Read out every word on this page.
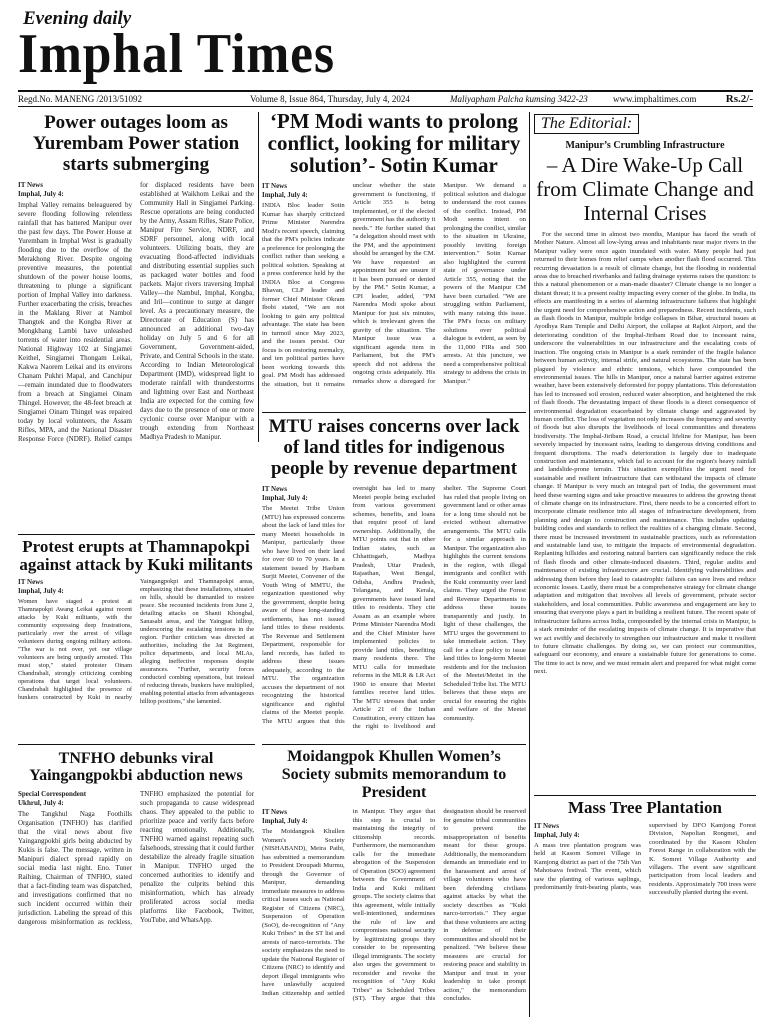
Evening daily
Imphal Times
Regd.No. MANENG /2013/51092	Volume 8, Issue 864, Thursday, July 4, 2024	Maliyapham Palcha kumsing 3422-23	www.imphaltimes.com	Rs.2/-
Power outages loom as Yurembam Power station starts submerging
IT News
Imphal, July 4:
Imphal Valley remains beleaguered by severe flooding following relentless rainfall that has battered Manipur over the past few days. The Power House at Yurembam in Imphal West is gradually flooding due to the overflow of the Merakhong River. Despite ongoing preventive measures, the potential shutdown of the power house looms, threatening to plunge a significant portion of Imphal Valley into darkness. Further exacerbating the crisis, breaches in the Maklang River at Nambol Thangtek and the Kongba River at Mongkhang Lambi have unleashed torrents of water into residential areas. National Highway 102 at Singjamei Keithel, Singjamei Thongam Leikai, Kakwa Naorem Leikai and its environs Chanam Pukhri Mapal, and Canchipur—remain inundated due to floodwaters from a breach at Singjamei Oinam Thingel. However, the 48-feet breach at Singjamei Oinam Thingel was repaired today by local volunteers, the Assam Rifles, MPA, and the National Disaster Response Force (NDRF). Relief camps for displaced residents have been established at Waikhom Leikai and the Community Hall in Singjamei Parking. Rescue operations are being conducted by the Army, Assam Rifles, State Police, Manipur Fire Service, NDRF, and SDRF personnel, along with local volunteers. Utilizing boats, they are evacuating flood-affected individuals and distributing essential supplies such as packaged water bottles and food packets. Major rivers traversing Imphal Valley—the Nambul, Imphal, Kongba, and Iril—continue to surge at danger level. As a precautionary measure, the Directorate of Education (S) has announced an additional two-day holiday on July 5 and 6 for all Government, Government-aided, Private, and Central Schools in the state. According to Indian Meteorological Department (IMD), widespread light to moderate rainfall with thunderstorms and lightning over East and Northeast India are expected for the coming few days due to the presence of one or more cyclonic course over Manipur with a trough extending from Northeast Madhya Pradesh to Manipur.
Protest erupts at Thamnapokpi against attack by Kuki militants
IT News
Imphal, July 4:
Women have staged a protest at Thamnapokpi Awang Leikai against recent attacks by Kuki militants, with the community expressing deep frustrations, particularly over the arrest of village volunteers during ongoing military actions. "The war is not over, yet our village volunteers are being unjustly arrested. This must stop," stated protester Oinam Chandrabali, strongly criticizing combing operations that target local volunteers. Chandrabali highlighted the presence of bunkers constructed by Kuki in nearby Yaingangpokpi and Thamnapokpi areas, emphasizing that these installations, situated on hills, should be dismantled to restore peace. She recounted incidents from June 2, detailing attacks on Shanti Khongbal, Sanasabi areas, and the Yaingpat hilltop, underscoring the escalating tensions in the region. Further criticism was directed at authorities, including the Jat Regiment, police departments, and local MLAs, alleging ineffective responses despite assurances. "Further, security forces conducted combing operations, but instead of reducing threats, bunkers have multiplied, enabling potential attacks from advantageous hilltop positions," she lamented.
TNFHO debunks viral Yaingangpokbi abduction news
Special Correspondent
Ukhrul, July 4:
The Tangkhul Naga Foothills Organisation (TNFHO) has clarified that the viral news about five Yaingangpokbi girls being abducted by Kukis is false. The message, written in Manipuri dialect spread rapidly on social media last night. Eno. Tuner Raihing, Chairman of TNFHO, stated that a fact-finding team was dispatched, and investigations confirmed that no such incident occurred within their jurisdiction. Labeling the spread of this dangerous misinformation as reckless, TNFHO emphasized the potential for such propaganda to cause widespread chaos. They appealed to the public to prioritize peace and verify facts before reacting emotionally. Additionally, TNFHO warned against repeating such falsehoods, stressing that it could further destabilize the already fragile situation in Manipur. TNFHO urged the concerned authorities to identify and penalize the culprits behind this misinformation, which has already proliferated across social media platforms like Facebook, Twitter, YouTube, and WhatsApp.
‘PM Modi wants to prolong conflict, looking for military solution’- Sotin Kumar
IT News
Imphal, July 4:
INDIA Bloc leader Sotin Kumar has sharply criticized Prime Minister Narendra Modi's recent speech, claiming that the PM's policies indicate a preference for prolonging the conflict rather than seeking a political solution. Speaking at a press conference held by the INDIA Bloc at Congress Bhavan, CLP leader and former Chief Minister Okram Ibobi stated, "We are not looking to gain any political advantage. The state has been in turmoil since May 2023, and the issues persist. Our focus is on restoring normalcy, and ten political parties have been working towards this goal. PM Modi has addressed the situation, but it remains unclear whether the state government is functioning, if Article 355 is being implemented, or if the elected government has the authority it needs." He further stated that "a delegation should meet with the PM, and the appointment should be arranged by the CM. We have requested an appointment but are unsure if it has been pursued or denied by the PM." Sotin Kumar, a CPI leader, added, "PM Narendra Modi spoke about Manipur for just six minutes, which is irrelevant given the gravity of the situation. The Manipur issue was a significant agenda item in Parliament, but the PM's speech did not address the ongoing crisis adequately. His remarks show a disregard for Manipur. We demand a political solution and dialogue to understand the root causes of the conflict. Instead, PM Modi seems intent on prolonging the conflict, similar to the situation in Ukraine, possibly inviting foreign intervention." Sotin Kumar also highlighted the current state of governance under Article 355, noting that the powers of the Manipur CM have been curtailed. "We are struggling within Parliament, with many raising this issue. The PM's focus on military solutions over political dialogue is evident, as seen by the 11,000 FIRs and 500 arrests. At this juncture, we need a comprehensive political strategy to address the crisis in Manipur."
MTU raises concerns over lack of land titles for indigenous people by revenue department
IT News
Imphal, July 4:
The Meetei Tribe Union (MTU) has expressed concerns about the lack of land titles for many Meetei households in Manipur, particularly those who have lived on their land for over 60 to 70 years. In a statement issued by Haobam Surjit Meetei, Convener of the Youth Wing of MMTU, the organization questioned why the government, despite being aware of these long-standing settlements, has not issued land titles to these residents. The Revenue and Settlement Department, responsible for land records, has failed to address these issues adequately, according to the MTU. The organization accuses the department of not recognizing the historical significance and rightful claims of the Meetei people. The MTU argues that this oversight has led to many Meetei people being excluded from various government schemes, benefits, and loans that require proof of land ownership. Additionally, the MTU points out that in other Indian states, such as Chhattisgarh, Madhya Pradesh, Uttar Pradesh, Rajasthan, West Bengal, Odisha, Andhra Pradesh, Telangana, and Kerala, governments have issued land titles to residents. They cite Assam as an example where Prime Minister Narendra Modi and the Chief Minister have implemented policies to provide land titles, benefiting many residents there. The MTU calls for immediate reforms in the MLR & LR Act 1960 to ensure that Meetei families receive land titles. The MTU stresses that under Article 21 of the Indian Constitution, every citizen has the right to livelihood and shelter. The Supreme Court has ruled that people living on government land or other areas for a long time should not be evicted without alternative arrangements. The MTU calls for a similar approach in Manipur. The organization also highlights the current tensions in the region, with illegal immigrants and conflict with the Kuki community over land claims. They urged the Forest and Revenue Departments to address these issues transparently and justly. In light of these challenges, the MTU urges the government to take immediate action. They call for a clear policy to issue land titles to long-term Meetei residents and for the inclusion of the Meetei/Meitei in the Scheduled Tribe list. The MTU believes that these steps are crucial for ensuring the rights and welfare of the Meetei community.
Moidangpok Khullen Women’s Society submits memorandum to President
IT News
Imphal, July 4:
The Moidangpok Khullen Women's Society (NISHABAND), Meira Paibi, has submitted a memorandum to President Droupadi Murmu, through the Governor of Manipur, demanding immediate measures to address critical issues such as National Register of Citizens (NRC), Suspension of Operation (SoO), de-recognition of "Any Kuki Tribes" in the ST list and arrests of narco-terrorists. The society emphasizes the need to update the National Register of Citizens (NRC) to identify and deport illegal immigrants who have unlawfully acquired Indian citizenship and settled in Manipur. They argue that this step is crucial to maintaining the integrity of citizenship records. Furthermore, the memorandum calls for the immediate abrogation of the Suspension of Operation (SOO) agreement between the Government of India and Kuki militant groups. The society claims that this agreement, while initially well-intentioned, undermines the rule of law and compromises national security by legitimizing groups they consider to be representing illegal immigrants. The society also urges the government to reconsider and revoke the recognition of "Any Kuki Tribes" as Scheduled Tribes (ST). They argue that this designation should be reserved for genuine tribal communities to prevent the misappropriation of benefits meant for these groups. Additionally, the memorandum demands an immediate end to the harassment and arrest of village volunteers who have been defending civilians against attacks by what the society describes as "Kuki narco-terrorists." They argue that these volunteers are acting in defense of their communities and should not be penalized. "We believe these measures are crucial for restoring peace and stability in Manipur and trust in your leadership to take prompt action," the memorandum concludes.
The Editorial:
Manipur’s Crumbling Infrastructure
– A Dire Wake-Up Call from Climate Change and Internal Crises
For the second time in almost two months, Manipur has faced the wrath of Mother Nature. Almost all low-lying areas and inhabitants near major rivers in the Manipur valley were once again inundated with water. Many people had just returned to their homes from relief camps when another flash flood occurred. This recurring devastation is a result of climate change, but the flooding in residential areas due to breached riverbanks and failing drainage systems raises the question: is this a natural phenomenon or a man-made disaster? Climate change is no longer a distant threat; it is a present reality impacting every corner of the globe. In India, its effects are manifesting in a series of alarming infrastructure failures that highlight the urgent need for comprehensive action and preparedness. Recent incidents, such as flash floods in Manipur, multiple bridge collapses in Bihar, structural issues at Ayodhya Ram Temple and Delhi Airport, the collapse at Rajkot Airport, and the deteriorating condition of the Imphal-Jiribam Road due to incessant rains, underscore the vulnerabilities in our infrastructure and the escalating costs of inaction. The ongoing crisis in Manipur is a stark reminder of the fragile balance between human activity, internal strife, and natural ecosystems. The state has been plagued by violence and ethnic tensions, which have compounded the environmental issues. The hills in Manipur, once a natural barrier against extreme weather, have been extensively deforested for poppy plantations. This deforestation has led to increased soil erosion, reduced water absorption, and heightened the risk of flash floods. The devastating impact of these floods is a direct consequence of environmental degradation exacerbated by climate change and aggravated by human conflict. The loss of vegetation not only increases the frequency and severity of floods but also disrupts the livelihoods of local communities and threatens biodiversity. The Imphal-Jiribam Road, a crucial lifeline for Manipur, has been severely impacted by incessant rains, leading to dangerous driving conditions and frequent disruptions. The road's deterioration is largely due to inadequate construction and maintenance, which fail to account for the region's heavy rainfall and landslide-prone terrain. This situation exemplifies the urgent need for sustainable and resilient infrastructure that can withstand the impacts of climate change. If Manipur is very much an integral part of India, the government must heed these warning signs and take proactive measures to address the growing threat of climate change on its infrastructure. First, there needs to be a concerted effort to incorporate climate resilience into all stages of infrastructure development, from planning and design to construction and maintenance. This includes updating building codes and standards to reflect the realities of a changing climate. Second, there must be increased investment in sustainable practices, such as reforestation and sustainable land use, to mitigate the impacts of environmental degradation. Replanting hillsides and restoring natural barriers can significantly reduce the risk of flash floods and other climate-induced disasters. Third, regular audits and maintenance of existing infrastructure are crucial. Identifying vulnerabilities and addressing them before they lead to catastrophic failures can save lives and reduce economic losses. Lastly, there must be a comprehensive strategy for climate change adaptation and mitigation that involves all levels of government, private sector stakeholders, and local communities. Public awareness and engagement are key to ensuring that everyone plays a part in building a resilient future. The recent spate of infrastructure failures across India, compounded by the internal crisis in Manipur, is a stark reminder of the escalating impacts of climate change. It is imperative that we act swiftly and decisively to strengthen our infrastructure and make it resilient to future climatic challenges. By doing so, we can protect our communities, safeguard our economy, and ensure a sustainable future for generations to come. The time to act is now, and we must remain alert and prepared for what might come next.
Mass Tree Plantation
IT News
Imphal, July 4:
A mass tree plantation program was held at Kasom Somrei Village in Kamjong district as part of the 75th Van Mahotsava festival. The event, which saw the planting of various saplings, predominantly fruit-bearing plants, was supervised by DFO Kamjong Forest Division, Napolian Rongmei, and coordinated by the Kasom Khulen Forest Range in collaboration with the K. Somrei Village Authority and villagers. The event saw significant participation from local leaders and residents. Approximately 700 trees were successfully planted during the event.
